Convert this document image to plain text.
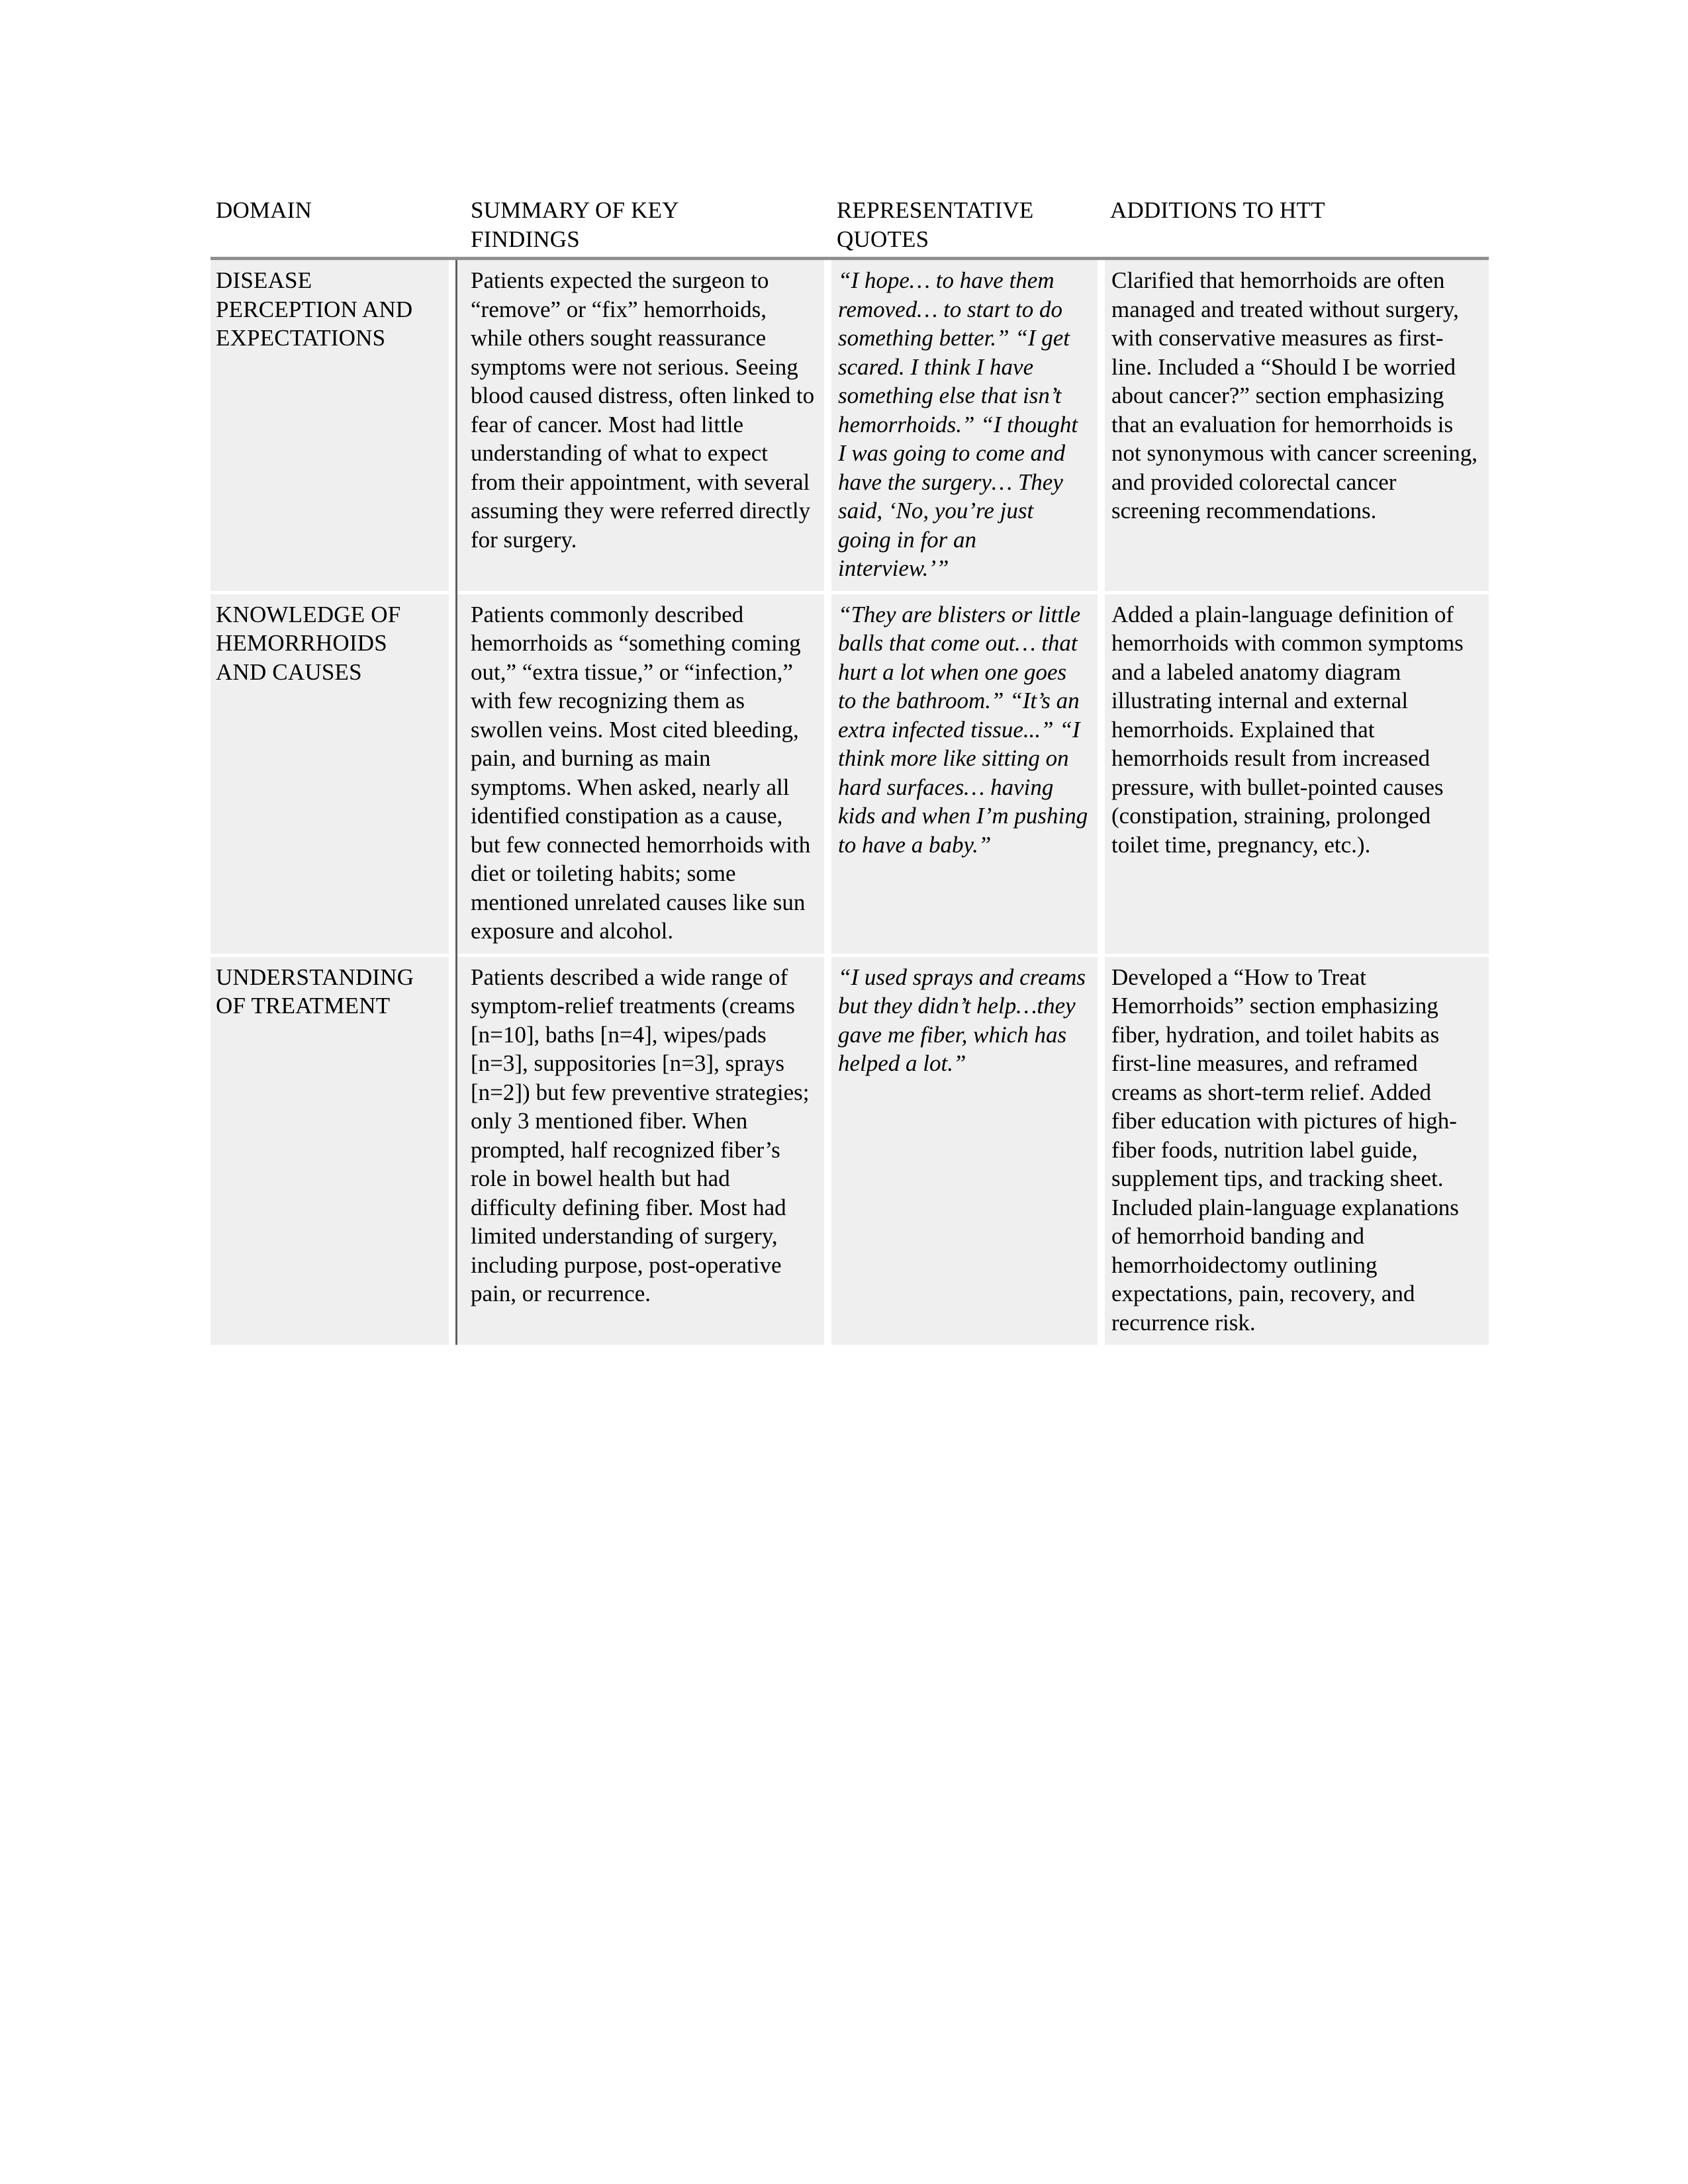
DOMAIN	SUMMARY OF KEY FINDINGS
REPRESENTATIVE QUOTES
ADDITIONS TO HTT
DISEASE PERCEPTION AND EXPECTATIONS
Patients expected the surgeon to “remove” or “fix” hemorrhoids, while others sought reassurance symptoms were not serious. Seeing blood caused distress, often linked to fear of cancer. Most had little understanding of what to expect from their appointment, with several assuming they were referred directly for surgery.
“I hope… to have them removed… to start to do something better.” “I get scared. I think I have something else that isn’t hemorrhoids.” “I thought I was going to come and have the surgery… They said, ‘No, you’re just going in for an interview.’”
Clarified that hemorrhoids are often managed and treated without surgery, with conservative measures as first-line. Included a “Should I be worried about cancer?” section emphasizing that an evaluation for hemorrhoids is not synonymous with cancer screening, and provided colorectal cancer screening recommendations.
KNOWLEDGE OF HEMORRHOIDS AND CAUSES
Patients commonly described hemorrhoids as “something coming out,” “extra tissue,” or “infection,” with few recognizing them as swollen veins. Most cited bleeding, pain, and burning as main symptoms. When asked, nearly all identified constipation as a cause, but few connected hemorrhoids with diet or toileting habits; some mentioned unrelated causes like sun exposure and alcohol.
“They are blisters or little balls that come out… that hurt a lot when one goes to the bathroom.” “It’s an extra infected tissue...” “I think more like sitting on hard surfaces… having kids and when I’m pushing to have a baby.”
Added a plain-language definition of hemorrhoids with common symptoms and a labeled anatomy diagram illustrating internal and external hemorrhoids. Explained that hemorrhoids result from increased pressure, with bullet-pointed causes (constipation, straining, prolonged toilet time, pregnancy, etc.).
UNDERSTANDING OF TREATMENT
Patients described a wide range of symptom-relief treatments (creams [n=10], baths [n=4], wipes/pads [n=3], suppositories [n=3], sprays [n=2]) but few preventive strategies; only 3 mentioned fiber. When prompted, half recognized fiber’s role in bowel health but had difficulty defining fiber. Most had limited understanding of surgery, including purpose, post-operative pain, or recurrence.
“I used sprays and creams but they didn’t help…they gave me fiber, which has helped a lot.”
Developed a “How to Treat Hemorrhoids” section emphasizing fiber, hydration, and toilet habits as first-line measures, and reframed creams as short-term relief. Added fiber education with pictures of high-fiber foods, nutrition label guide, supplement tips, and tracking sheet. Included plain-language explanations of hemorrhoid banding and hemorrhoidectomy outlining expectations, pain, recovery, and recurrence risk.
